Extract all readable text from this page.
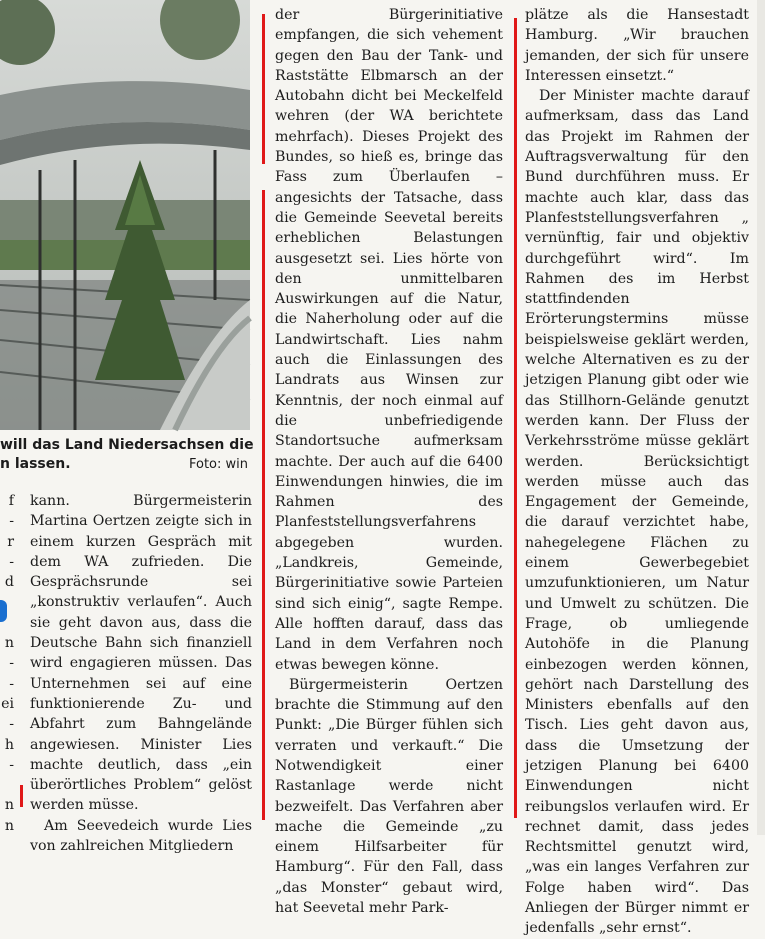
will das Land Niedersachsen die
n lassen.	Foto: win
f
-
r
-
d
n
-
-
ei
-
h
-
n
n

kann. Bürgermeisterin Martina Oertzen zeigte sich in einem kurzen Gespräch mit dem WA zufrieden. Die Gesprächsrunde sei „konstruktiv verlaufen“. Auch sie geht davon aus, dass die Deutsche Bahn sich finanziell wird engagieren müssen. Das Unternehmen sei auf eine funktionierende Zu- und Abfahrt zum Bahngelände angewiesen. Minister Lies machte deutlich, dass „ein überörtliches Problem“ gelöst werden müsse.

Am Seevedeich wurde Lies von zahlreichen Mitgliedern

der Bürgerinitiative empfangen, die sich vehement gegen den Bau der Tank- und Raststätte Elbmarsch an der Autobahn dicht bei Meckelfeld wehren (der WA berichtete mehrfach). Dieses Projekt des Bundes, so hieß es, bringe das Fass zum Überlaufen – angesichts der Tatsache, dass die Gemeinde Seevetal bereits erheblichen Belastungen ausgesetzt sei. Lies hörte von den unmittelbaren Auswirkungen auf die Natur, die Naherholung oder auf die Landwirtschaft. Lies nahm auch die Einlassungen des Landrats aus Winsen zur Kenntnis, der noch einmal auf die unbefriedigende Standortsuche aufmerksam machte. Der auch auf die 6400 Einwendungen hinwies, die im Rahmen des Planfeststellungsverfahrens abgegeben wurden. „Landkreis, Gemeinde, Bürgerinitiative sowie Parteien sind sich einig“, sagte Rempe. Alle hofften darauf, dass das Land in dem Verfahren noch etwas bewegen könne.

Bürgermeisterin Oertzen brachte die Stimmung auf den Punkt: „Die Bürger fühlen sich verraten und verkauft.“ Die Notwendigkeit einer Rastanlage werde nicht bezweifelt. Das Verfahren aber mache die Gemeinde „zu einem Hilfsarbeiter für Hamburg“. Für den Fall, dass „das Monster“ gebaut wird, hat Seevetal mehr Park-

plätze als die Hansestadt Hamburg. „Wir brauchen jemanden, der sich für unsere Interessen einsetzt.“

Der Minister machte darauf aufmerksam, dass das Land das Projekt im Rahmen der Auftragsverwaltung für den Bund durchführen muss. Er machte auch klar, dass das Planfeststellungsverfahren „ vernünftig, fair und objektiv durchgeführt wird“. Im Rahmen des im Herbst stattfindenden Erörterungstermins müsse beispielsweise geklärt werden, welche Alternativen es zu der jetzigen Planung gibt oder wie das Stillhorn-Gelände genutzt werden kann. Der Fluss der Verkehrsströme müsse geklärt werden. Berücksichtigt werden müsse auch das Engagement der Gemeinde, die darauf verzichtet habe, nahegelegene Flächen zu einem Gewerbegebiet umzufunktionieren, um Natur und Umwelt zu schützen. Die Frage, ob umliegende Autohöfe in die Planung einbezogen werden können, gehört nach Darstellung des Ministers ebenfalls auf den Tisch. Lies geht davon aus, dass die Umsetzung der jetzigen Planung bei 6400 Einwendungen nicht reibungslos verlaufen wird. Er rechnet damit, dass jedes Rechtsmittel genutzt wird, „was ein langes Verfahren zur Folge haben wird“. Das Anliegen der Bürger nimmt er jedenfalls „sehr ernst“.
